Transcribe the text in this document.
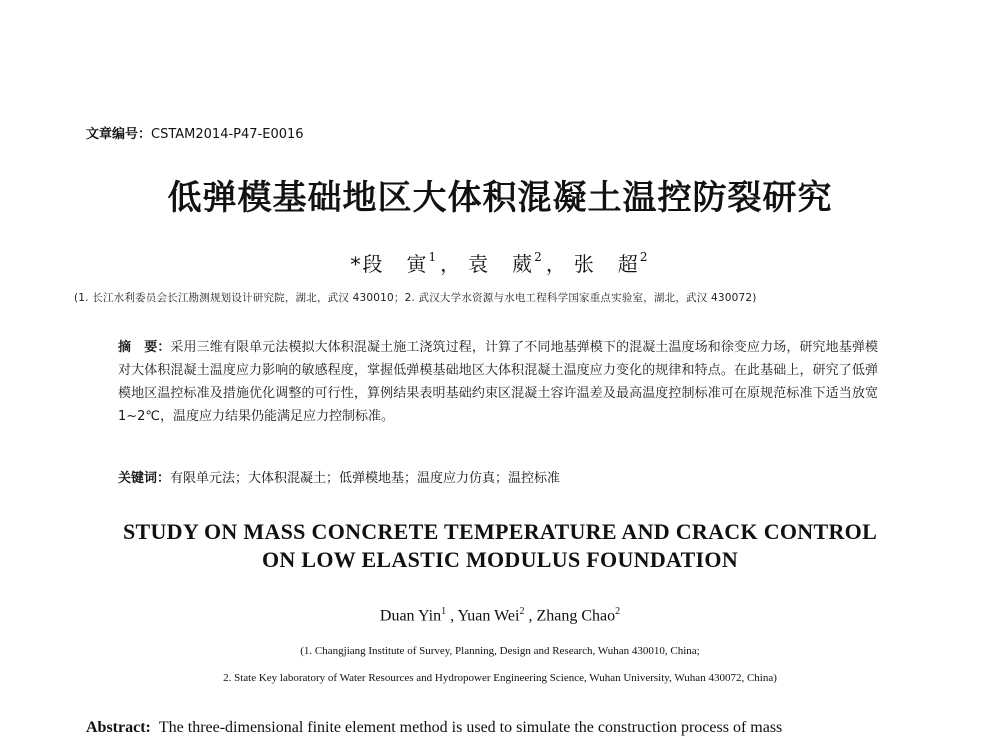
文章编号：CSTAM2014-P47-E0016
低弹模基础地区大体积混凝土温控防裂研究
*段　寅$^1$ ， 袁　葳$^2$ ， 张　超$^2$
(1. 长江水利委员会长江勘测规划设计研究院，湖北，武汉 430010；2. 武汉大学水资源与水电工程科学国家重点实验室，湖北，武汉 430072)
摘　要：采用三维有限单元法模拟大体积混凝土施工浇筑过程，计算了不同地基弹模下的混凝土温度场和徐变应力场，研究地基弹模对大体积混凝土温度应力影响的敏感程度，掌握低弹模基础地区大体积混凝土温度应力变化的规律和特点。在此基础上，研究了低弹模地区温控标准及措施优化调整的可行性，算例结果表明基础约束区混凝土容许温差及最高温度控制标准可在原规范标准下适当放宽 1~2℃，温度应力结果仍能满足应力控制标准。
关键词：有限单元法；大体积混凝土；低弹模地基；温度应力仿真；温控标准
STUDY ON MASS CONCRETE TEMPERATURE AND CRACK CONTROL
ON LOW ELASTIC MODULUS FOUNDATION
Duan Yin$^1$ , Yuan Wei$^2$ , Zhang Chao$^2$
(1. Changjiang Institute of Survey, Planning, Design and Research, Wuhan 430010, China;
2. State Key laboratory of Water Resources and Hydropower Engineering Science, Wuhan University, Wuhan 430072, China)
Abstract: The three-dimensional finite element method is used to simulate the construction process of mass
